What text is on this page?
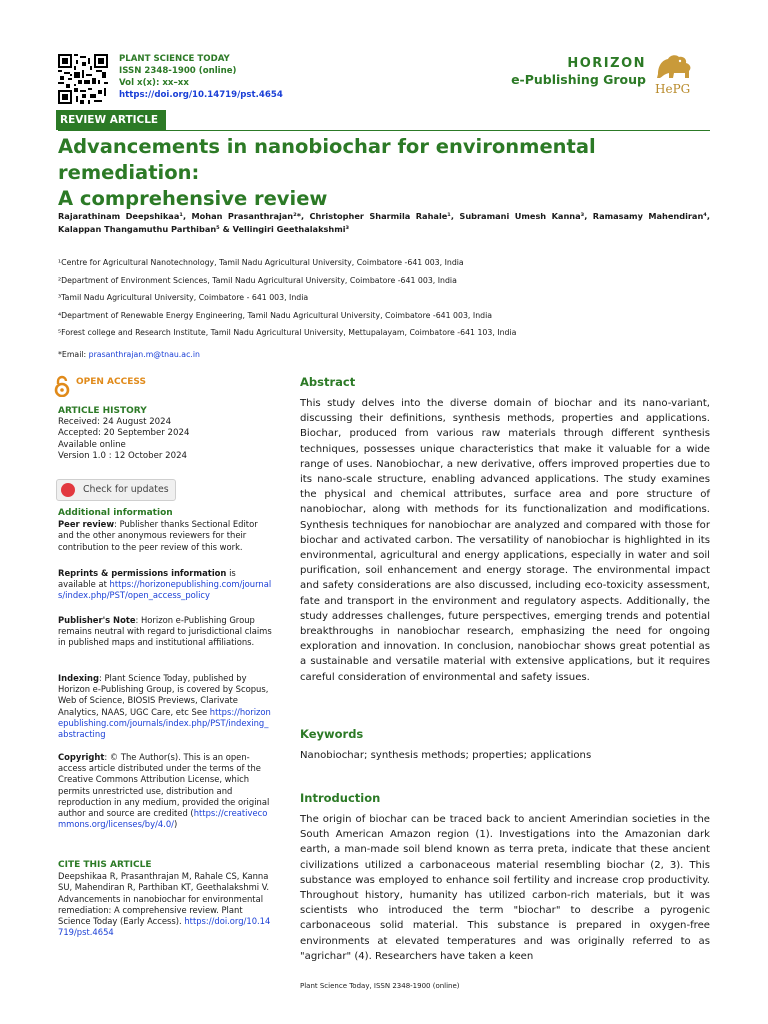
PLANT SCIENCE TODAY
ISSN 2348-1900 (online)
Vol x(x): xx–xx
https://doi.org/10.14719/pst.4654
HORIZON
e-Publishing Group
HePG
REVIEW ARTICLE
Advancements in nanobiochar for environmental remediation:
A comprehensive review
Rajarathinam Deepshikaa¹, Mohan Prasanthrajan²*, Christopher Sharmila Rahale¹, Subramani Umesh Kanna³, Ramasamy Mahendiran⁴,
Kalappan Thangamuthu Parthiban⁵ & Vellingiri Geethalakshmi³
¹Centre for Agricultural Nanotechnology, Tamil Nadu Agricultural University, Coimbatore -641 003, India
²Department of Environment Sciences, Tamil Nadu Agricultural University, Coimbatore -641 003, India
³Tamil Nadu Agricultural University, Coimbatore - 641 003, India
⁴Department of Renewable Energy Engineering, Tamil Nadu Agricultural University, Coimbatore -641 003, India
⁵Forest college and Research Institute, Tamil Nadu Agricultural University, Mettupalayam, Coimbatore -641 103, India
*Email: prasanthrajan.m@tnau.ac.in
OPEN ACCESS
ARTICLE HISTORY
Received: 24 August 2024
Accepted: 20 September 2024
Available online
Version 1.0 : 12 October 2024
Check for updates
Additional information
Peer review: Publisher thanks Sectional Editor and the other anonymous reviewers for their contribution to the peer review of this work.
Reprints & permissions information is available at https://horizonepublishing.com/journals/index.php/PST/open_access_policy
Publisher's Note: Horizon e-Publishing Group remains neutral with regard to jurisdictional claims in published maps and institutional affiliations.
Indexing: Plant Science Today, published by Horizon e-Publishing Group, is covered by Scopus, Web of Science, BIOSIS Previews, Clarivate Analytics, NAAS, UGC Care, etc See https://horizonepublishing.com/journals/index.php/PST/indexing_abstracting
Copyright: © The Author(s). This is an open-access article distributed under the terms of the Creative Commons Attribution License, which permits unrestricted use, distribution and reproduction in any medium, provided the original author and source are credited (https://creativecommons.org/licenses/by/4.0/)
CITE THIS ARTICLE
Deepshikaa R, Prasanthrajan M, Rahale CS, Kanna SU, Mahendiran R, Parthiban KT, Geethalakshmi V. Advancements in nanobiochar for environmental remediation: A comprehensive review. Plant Science Today (Early Access). https://doi.org/10.14719/pst.4654
Abstract
This study delves into the diverse domain of biochar and its nano-variant, discussing their definitions, synthesis methods, properties and applications. Biochar, produced from various raw materials through different synthesis techniques, possesses unique characteristics that make it valuable for a wide range of uses. Nanobiochar, a new derivative, offers improved properties due to its nano-scale structure, enabling advanced applications. The study examines the physical and chemical attributes, surface area and pore structure of nanobiochar, along with methods for its functionalization and modifications. Synthesis techniques for nanobiochar are analyzed and compared with those for biochar and activated carbon. The versatility of nanobiochar is highlighted in its environmental, agricultural and energy applications, especially in water and soil purification, soil enhancement and energy storage. The environmental impact and safety considerations are also discussed, including eco-toxicity assessment, fate and transport in the environment and regulatory aspects. Additionally, the study addresses challenges, future perspectives, emerging trends and potential breakthroughs in nanobiochar research, emphasizing the need for ongoing exploration and innovation. In conclusion, nanobiochar shows great potential as a sustainable and versatile material with extensive applications, but it requires careful consideration of environmental and safety issues.
Keywords
Nanobiochar; synthesis methods; properties; applications
Introduction
The origin of biochar can be traced back to ancient Amerindian societies in the South American Amazon region (1). Investigations into the Amazonian dark earth, a man-made soil blend known as terra preta, indicate that these ancient civilizations utilized a carbonaceous material resembling biochar (2, 3). This substance was employed to enhance soil fertility and increase crop productivity. Throughout history, humanity has utilized carbon-rich materials, but it was scientists who introduced the term "biochar" to describe a pyrogenic carbonaceous solid material. This substance is prepared in oxygen-free environments at elevated temperatures and was originally referred to as "agrichar" (4). Researchers have taken a keen
Plant Science Today, ISSN 2348-1900 (online)
